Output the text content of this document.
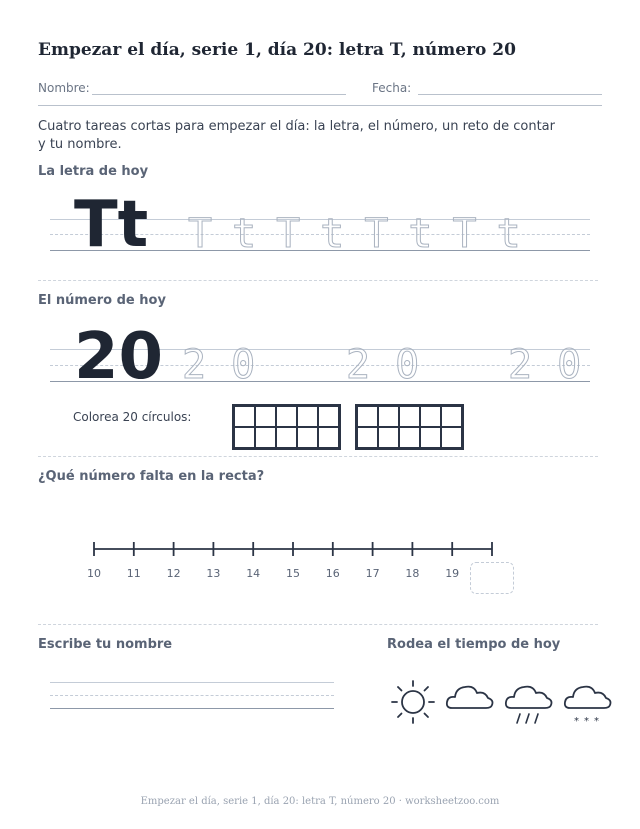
Empezar el día, serie 1, día 20: letra T, número 20
Nombre:	Fecha:
Cuatro tareas cortas para empezar el día: la letra, el número, un reto de contar y tu nombre.
La letra de hoy
Tt TtTtTtTt
El número de hoy
20 20 20 20
Colorea 20 círculos:
¿Qué número falta en la recta?
10 11 12 13 14 15 16 17 18 19
Escribe tu nombre	Rodea el tiempo de hoy
* * *
Empezar el día, serie 1, día 20: letra T, número 20 · worksheetzoo.com
